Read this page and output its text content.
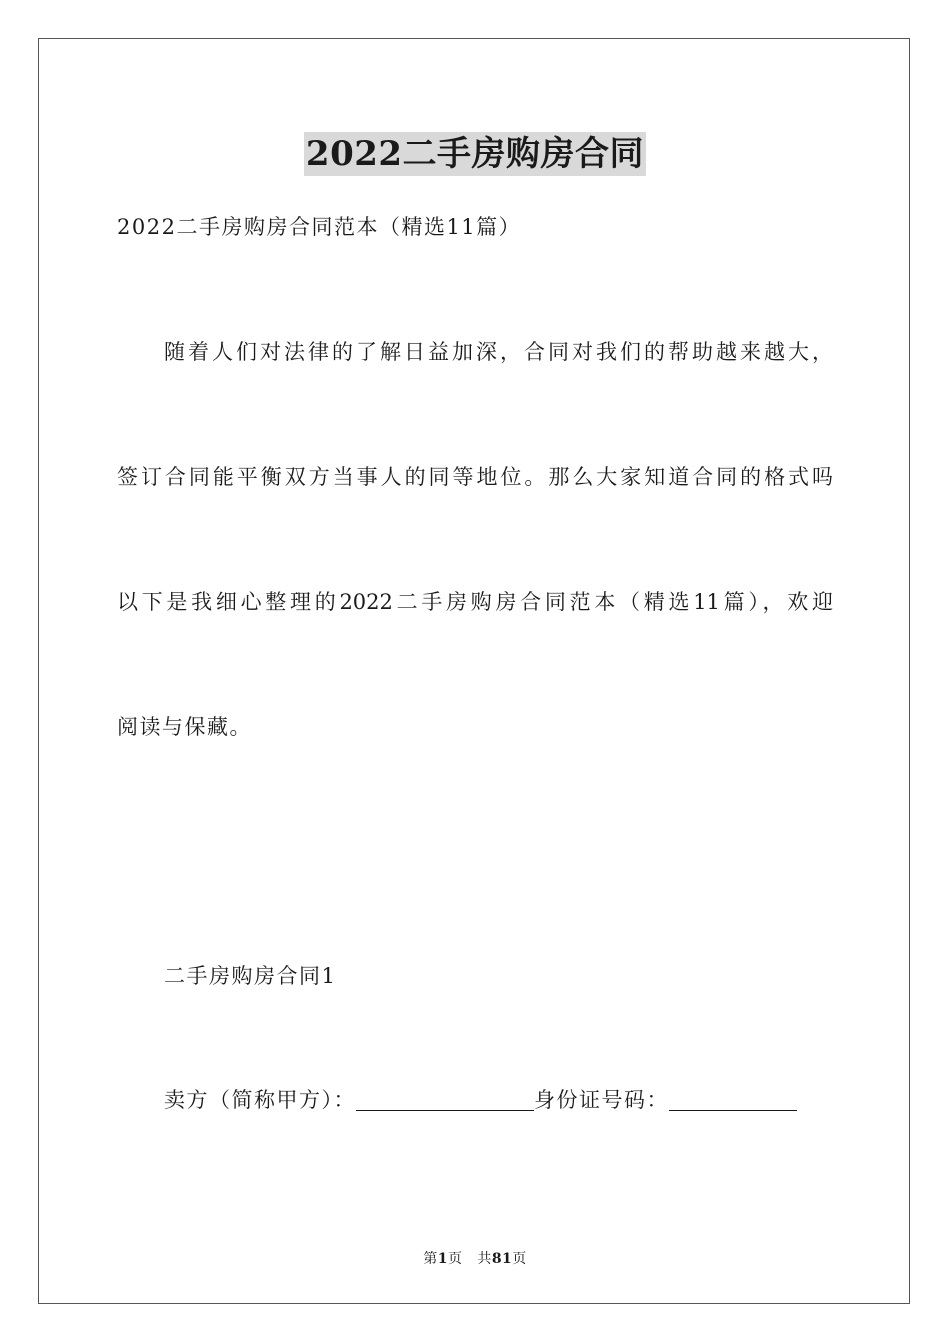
2022二手房购房合同
2022二手房购房合同范本（精选11篇）
随着人们对法律的了解日益加深，合同对我们的帮助越来越大，
签订合同能平衡双方当事人的同等地位。那么大家知道合同的格式吗
以下是我细心整理的2022二手房购房合同范本（精选11篇），欢迎
阅读与保藏。
二手房购房合同1
卖方（简称甲方）：	身份证号码：
第1页 共81页
